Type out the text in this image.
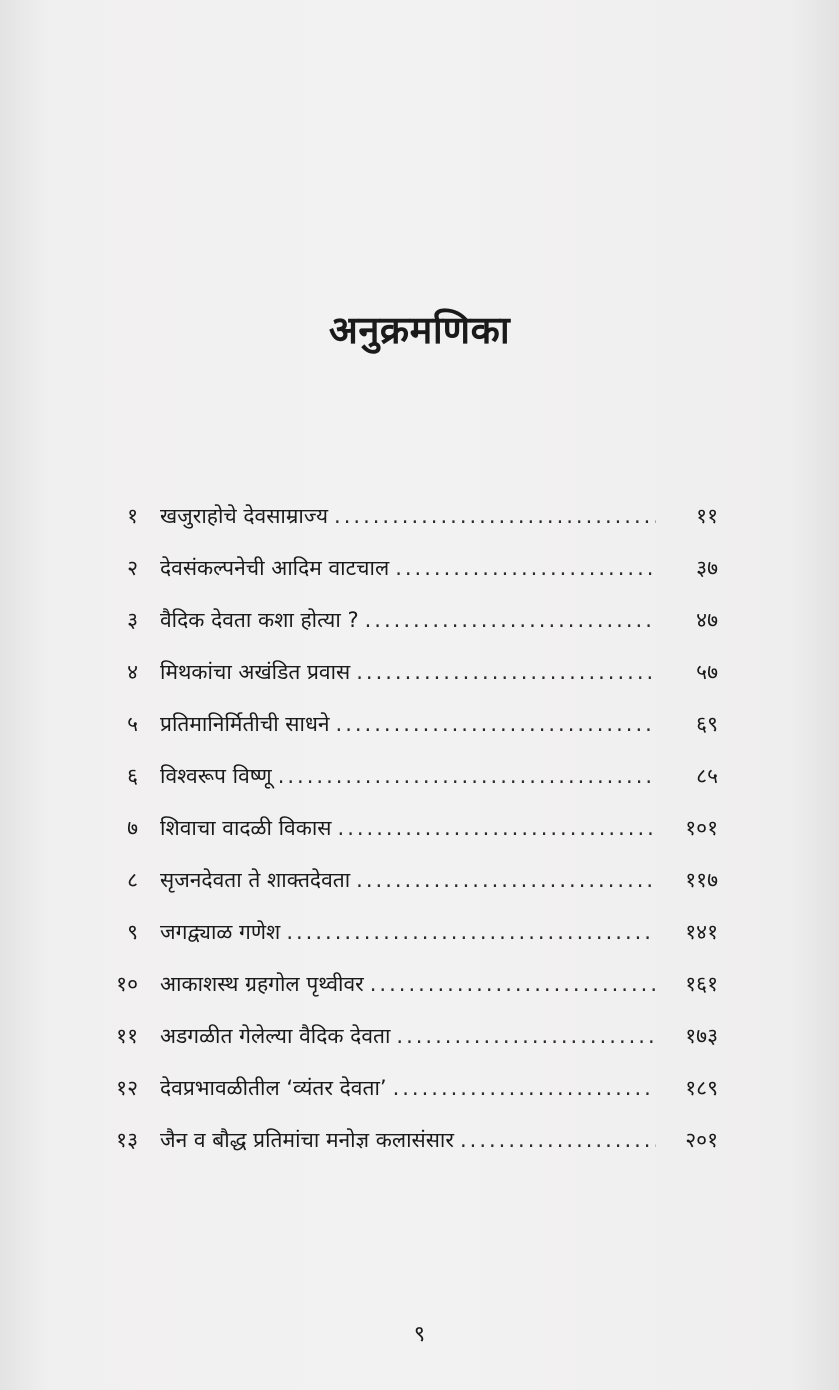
अनुक्रमणिका
१ खजुराहोचे देवसाम्राज्य .....	११
२ देवसंकल्पनेची आदिम वाटचाल .....	३७
३ वैदिक देवता कशा होत्या ? .....	४७
४ मिथकांचा अखंडित प्रवास .....	५७
५ प्रतिमानिर्मितीची साधने .....	६९
६ विश्वरूप विष्णू .....	८५
७ शिवाचा वादळी विकास .....	१०१
८ सृजनदेवता ते शाक्तदेवता .....	११७
९ जगद्व्याळ गणेश .....	१४१
१० आकाशस्थ ग्रहगोल पृथ्वीवर .....	१६१
११ अडगळीत गेलेल्या वैदिक देवता .....	१७३
१२ देवप्रभावळीतील ‘व्यंतर देवता’ .....	१८९
१३ जैन व बौद्ध प्रतिमांचा मनोज्ञ कलासंसार .....	२०१
९
